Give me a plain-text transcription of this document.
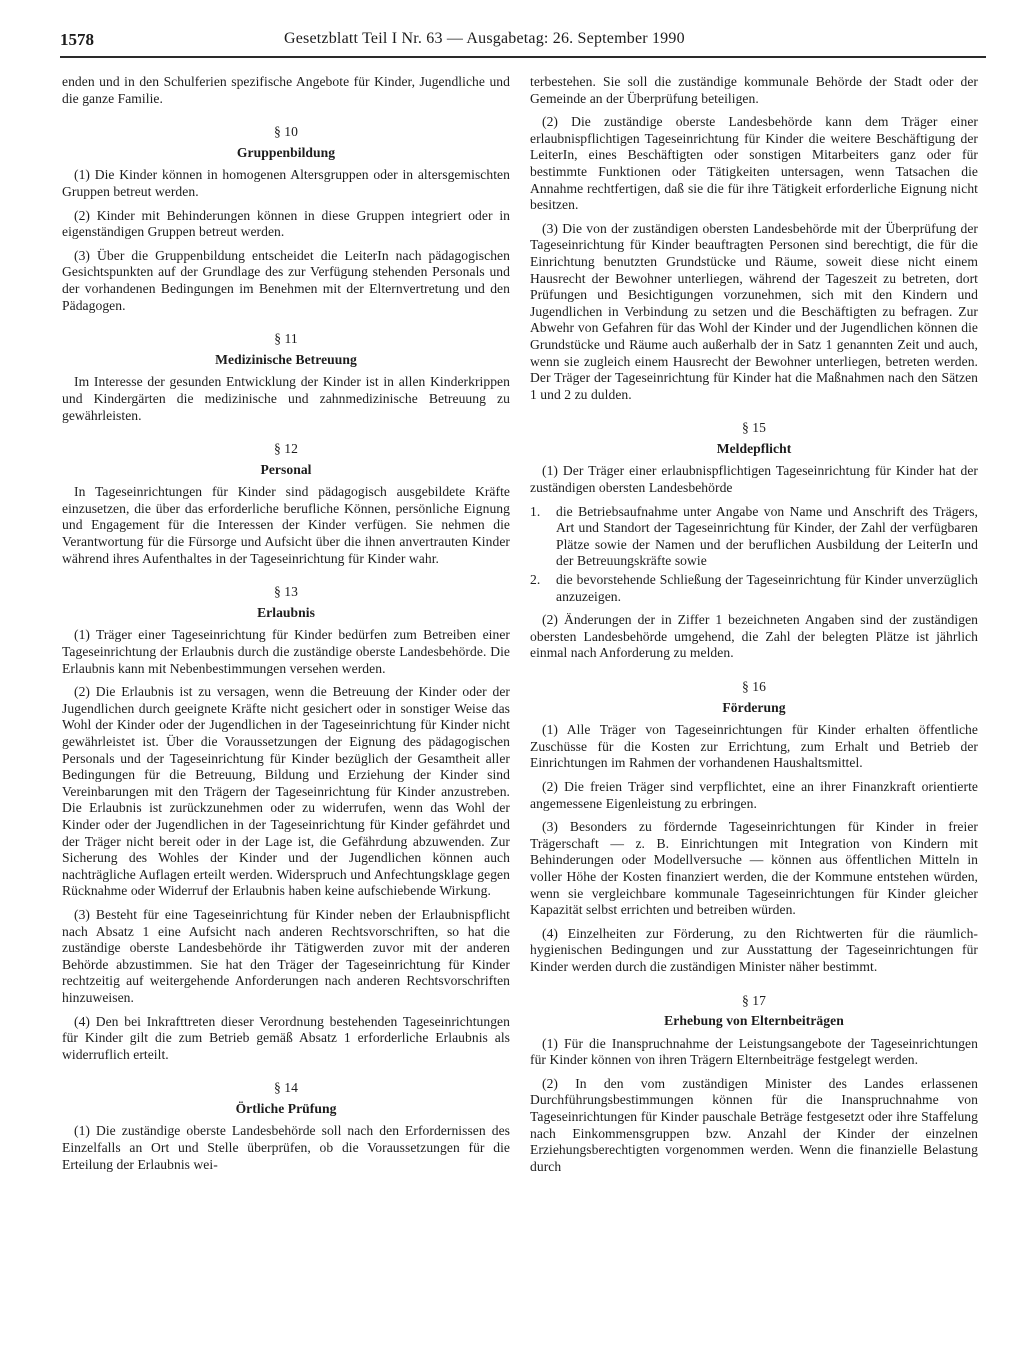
1578	Gesetzblatt Teil I Nr. 63 — Ausgabetag: 26. September 1990

enden und in den Schulferien spezifische Angebote für Kinder, Jugendliche und die ganze Familie.

§ 10
Gruppenbildung

(1) Die Kinder können in homogenen Altersgruppen oder in altersgemischten Gruppen betreut werden.

(2) Kinder mit Behinderungen können in diese Gruppen integriert oder in eigenständigen Gruppen betreut werden.

(3) Über die Gruppenbildung entscheidet die LeiterIn nach pädagogischen Gesichtspunkten auf der Grundlage des zur Verfügung stehenden Personals und der vorhandenen Bedingungen im Benehmen mit der Elternvertretung und den Pädagogen.

§ 11
Medizinische Betreuung

Im Interesse der gesunden Entwicklung der Kinder ist in allen Kinderkrippen und Kindergärten die medizinische und zahnmedizinische Betreuung zu gewährleisten.

§ 12
Personal

In Tageseinrichtungen für Kinder sind pädagogisch ausgebildete Kräfte einzusetzen, die über das erforderliche berufliche Können, persönliche Eignung und Engagement für die Interessen der Kinder verfügen. Sie nehmen die Verantwortung für die Fürsorge und Aufsicht über die ihnen anvertrauten Kinder während ihres Aufenthaltes in der Tageseinrichtung für Kinder wahr.

§ 13
Erlaubnis

(1) Träger einer Tageseinrichtung für Kinder bedürfen zum Betreiben einer Tageseinrichtung der Erlaubnis durch die zuständige oberste Landesbehörde. Die Erlaubnis kann mit Nebenbestimmungen versehen werden.

(2) Die Erlaubnis ist zu versagen, wenn die Betreuung der Kinder oder der Jugendlichen durch geeignete Kräfte nicht gesichert oder in sonstiger Weise das Wohl der Kinder oder der Jugendlichen in der Tageseinrichtung für Kinder nicht gewährleistet ist. Über die Voraussetzungen der Eignung des pädagogischen Personals und der Tageseinrichtung für Kinder bezüglich der Gesamtheit aller Bedingungen für die Betreuung, Bildung und Erziehung der Kinder sind Vereinbarungen mit den Trägern der Tageseinrichtung für Kinder anzustreben. Die Erlaubnis ist zurückzunehmen oder zu widerrufen, wenn das Wohl der Kinder oder der Jugendlichen in der Tageseinrichtung für Kinder gefährdet und der Träger nicht bereit oder in der Lage ist, die Gefährdung abzuwenden. Zur Sicherung des Wohles der Kinder und der Jugendlichen können auch nachträgliche Auflagen erteilt werden. Widerspruch und Anfechtungsklage gegen Rücknahme oder Widerruf der Erlaubnis haben keine aufschiebende Wirkung.

(3) Besteht für eine Tageseinrichtung für Kinder neben der Erlaubnispflicht nach Absatz 1 eine Aufsicht nach anderen Rechtsvorschriften, so hat die zuständige oberste Landesbehörde ihr Tätigwerden zuvor mit der anderen Behörde abzustimmen. Sie hat den Träger der Tageseinrichtung für Kinder rechtzeitig auf weitergehende Anforderungen nach anderen Rechtsvorschriften hinzuweisen.

(4) Den bei Inkrafttreten dieser Verordnung bestehenden Tageseinrichtungen für Kinder gilt die zum Betrieb gemäß Absatz 1 erforderliche Erlaubnis als widerruflich erteilt.

§ 14
Örtliche Prüfung

(1) Die zuständige oberste Landesbehörde soll nach den Erfordernissen des Einzelfalls an Ort und Stelle überprüfen, ob die Voraussetzungen für die Erteilung der Erlaubnis wei-

terbestehen. Sie soll die zuständige kommunale Behörde der Stadt oder der Gemeinde an der Überprüfung beteiligen.

(2) Die zuständige oberste Landesbehörde kann dem Träger einer erlaubnispflichtigen Tageseinrichtung für Kinder die weitere Beschäftigung der LeiterIn, eines Beschäftigten oder sonstigen Mitarbeiters ganz oder für bestimmte Funktionen oder Tätigkeiten untersagen, wenn Tatsachen die Annahme rechtfertigen, daß sie die für ihre Tätigkeit erforderliche Eignung nicht besitzen.

(3) Die von der zuständigen obersten Landesbehörde mit der Überprüfung der Tageseinrichtung für Kinder beauftragten Personen sind berechtigt, die für die Einrichtung benutzten Grundstücke und Räume, soweit diese nicht einem Hausrecht der Bewohner unterliegen, während der Tageszeit zu betreten, dort Prüfungen und Besichtigungen vorzunehmen, sich mit den Kindern und Jugendlichen in Verbindung zu setzen und die Beschäftigten zu befragen. Zur Abwehr von Gefahren für das Wohl der Kinder und der Jugendlichen können die Grundstücke und Räume auch außerhalb der in Satz 1 genannten Zeit und auch, wenn sie zugleich einem Hausrecht der Bewohner unterliegen, betreten werden. Der Träger der Tageseinrichtung für Kinder hat die Maßnahmen nach den Sätzen 1 und 2 zu dulden.

§ 15
Meldepflicht

(1) Der Träger einer erlaubnispflichtigen Tageseinrichtung für Kinder hat der zuständigen obersten Landesbehörde

1.	die Betriebsaufnahme unter Angabe von Name und Anschrift des Trägers, Art und Standort der Tageseinrichtung für Kinder, der Zahl der verfügbaren Plätze sowie der Namen und der beruflichen Ausbildung der LeiterIn und der Betreuungskräfte sowie
2.	die bevorstehende Schließung der Tageseinrichtung für Kinder unverzüglich anzuzeigen.

(2) Änderungen der in Ziffer 1 bezeichneten Angaben sind der zuständigen obersten Landesbehörde umgehend, die Zahl der belegten Plätze ist jährlich einmal nach Anforderung zu melden.

§ 16
Förderung

(1) Alle Träger von Tageseinrichtungen für Kinder erhalten öffentliche Zuschüsse für die Kosten zur Errichtung, zum Erhalt und Betrieb der Einrichtungen im Rahmen der vorhandenen Haushaltsmittel.

(2) Die freien Träger sind verpflichtet, eine an ihrer Finanzkraft orientierte angemessene Eigenleistung zu erbringen.

(3) Besonders zu fördernde Tageseinrichtungen für Kinder in freier Trägerschaft — z. B. Einrichtungen mit Integration von Kindern mit Behinderungen oder Modellversuche — können aus öffentlichen Mitteln in voller Höhe der Kosten finanziert werden, die der Kommune entstehen würden, wenn sie vergleichbare kommunale Tageseinrichtungen für Kinder gleicher Kapazität selbst errichten und betreiben würden.

(4) Einzelheiten zur Förderung, zu den Richtwerten für die räumlich-hygienischen Bedingungen und zur Ausstattung der Tageseinrichtungen für Kinder werden durch die zuständigen Minister näher bestimmt.

§ 17
Erhebung von Elternbeiträgen

(1) Für die Inanspruchnahme der Leistungsangebote der Tageseinrichtungen für Kinder können von ihren Trägern Elternbeiträge festgelegt werden.

(2) In den vom zuständigen Minister des Landes erlassenen Durchführungsbestimmungen können für die Inanspruchnahme von Tageseinrichtungen für Kinder pauschale Beträge festgesetzt oder ihre Staffelung nach Einkommensgruppen bzw. Anzahl der Kinder der einzelnen Erziehungsberechtigten vorgenommen werden. Wenn die finanzielle Belastung durch
